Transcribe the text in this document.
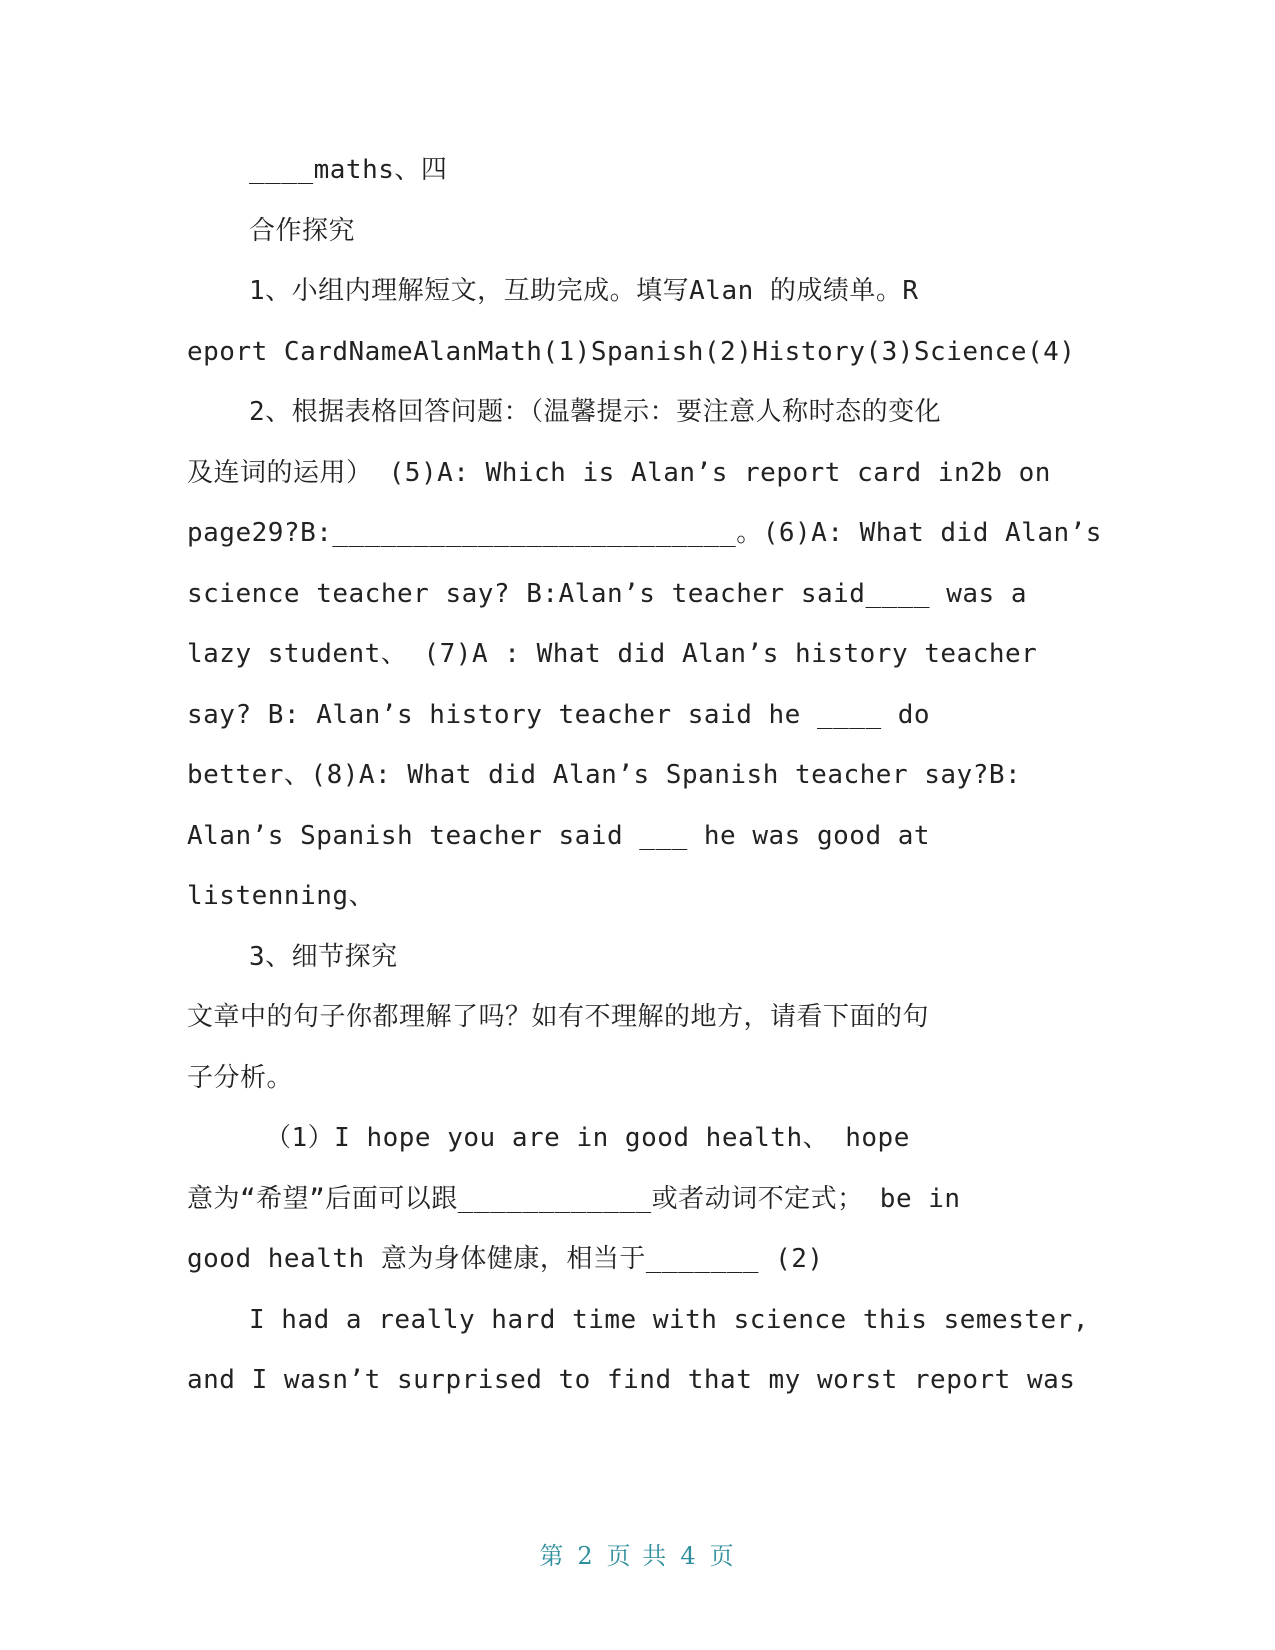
____maths、四
合作探究
1、小组内理解短文，互助完成。填写Alan 的成绩单。R
eport CardNameAlanMath(1)Spanish(2)History(3)Science(4)
2、根据表格回答问题：（温馨提示：要注意人称时态的变化
及连词的运用） (5)A: Which is Alan’s report card in2b on
page29?B:_________________________。(6)A: What did Alan’s
science teacher say? B:Alan’s teacher said____ was a
lazy student、 (7)A : What did Alan’s history teacher
say? B: Alan’s history teacher said he ____ do
better、(8)A: What did Alan’s Spanish teacher say?B:
Alan’s Spanish teacher said ___ he was good at
listenning、
3、细节探究
文章中的句子你都理解了吗？如有不理解的地方，请看下面的句
子分析。
（1）I hope you are in good health、 hope
意为“希望”后面可以跟____________或者动词不定式； be in
good health 意为身体健康，相当于_______ (2)
I had a really hard time with science this semester,
and I wasn’t surprised to find that my worst report was
第 2 页 共 4 页
